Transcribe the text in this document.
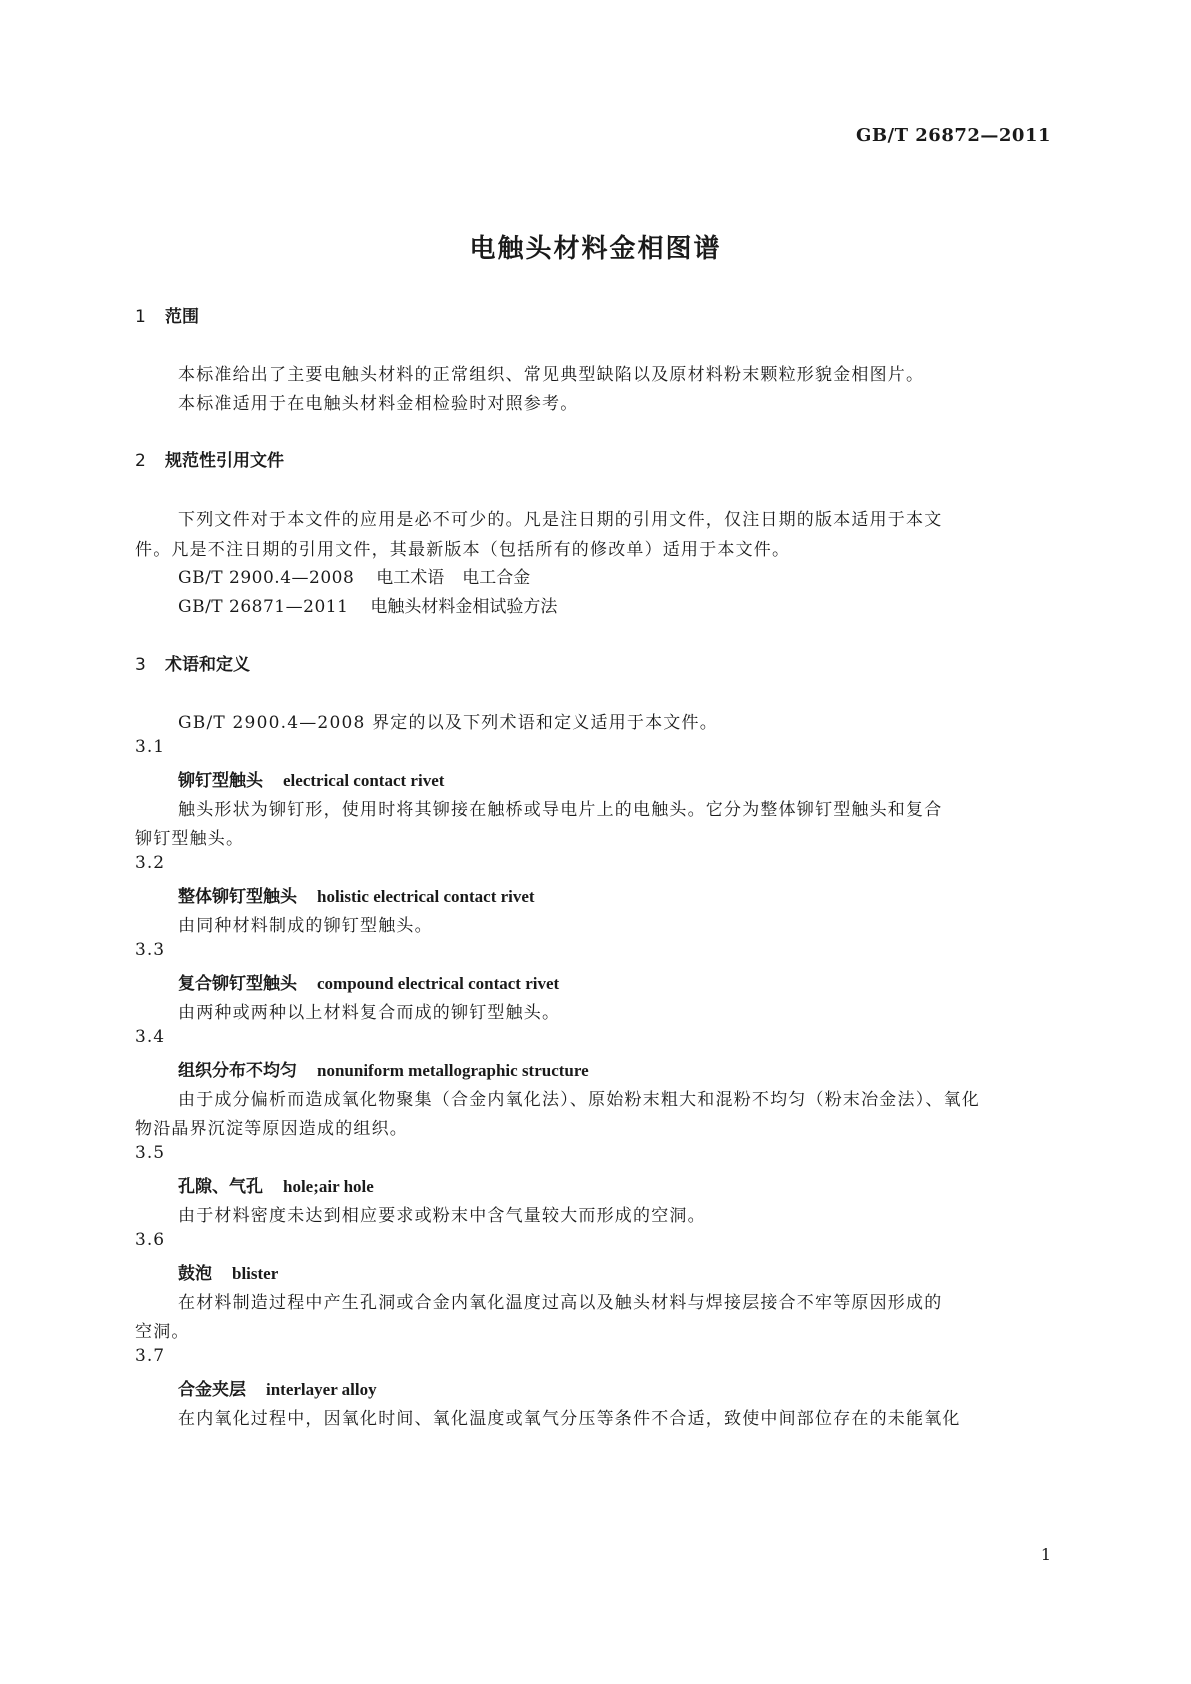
GB/T 26872—2011
电触头材料金相图谱
1 范围
本标准给出了主要电触头材料的正常组织、常见典型缺陷以及原材料粉末颗粒形貌金相图片。
本标准适用于在电触头材料金相检验时对照参考。
2 规范性引用文件
下列文件对于本文件的应用是必不可少的。凡是注日期的引用文件，仅注日期的版本适用于本文
件。凡是不注日期的引用文件，其最新版本（包括所有的修改单）适用于本文件。
GB/T 2900.4—2008 电工术语 电工合金
GB/T 26871—2011 电触头材料金相试验方法
3 术语和定义
GB/T 2900.4—2008 界定的以及下列术语和定义适用于本文件。
3.1
铆钉型触头 electrical contact rivet
触头形状为铆钉形，使用时将其铆接在触桥或导电片上的电触头。它分为整体铆钉型触头和复合
铆钉型触头。
3.2
整体铆钉型触头 holistic electrical contact rivet
由同种材料制成的铆钉型触头。
3.3
复合铆钉型触头 compound electrical contact rivet
由两种或两种以上材料复合而成的铆钉型触头。
3.4
组织分布不均匀 nonuniform metallographic structure
由于成分偏析而造成氧化物聚集（合金内氧化法）、原始粉末粗大和混粉不均匀（粉末冶金法）、氧化
物沿晶界沉淀等原因造成的组织。
3.5
孔隙、气孔 hole;air hole
由于材料密度未达到相应要求或粉末中含气量较大而形成的空洞。
3.6
鼓泡 blister
在材料制造过程中产生孔洞或合金内氧化温度过高以及触头材料与焊接层接合不牢等原因形成的
空洞。
3.7
合金夹层 interlayer alloy
在内氧化过程中，因氧化时间、氧化温度或氧气分压等条件不合适，致使中间部位存在的未能氧化
1
